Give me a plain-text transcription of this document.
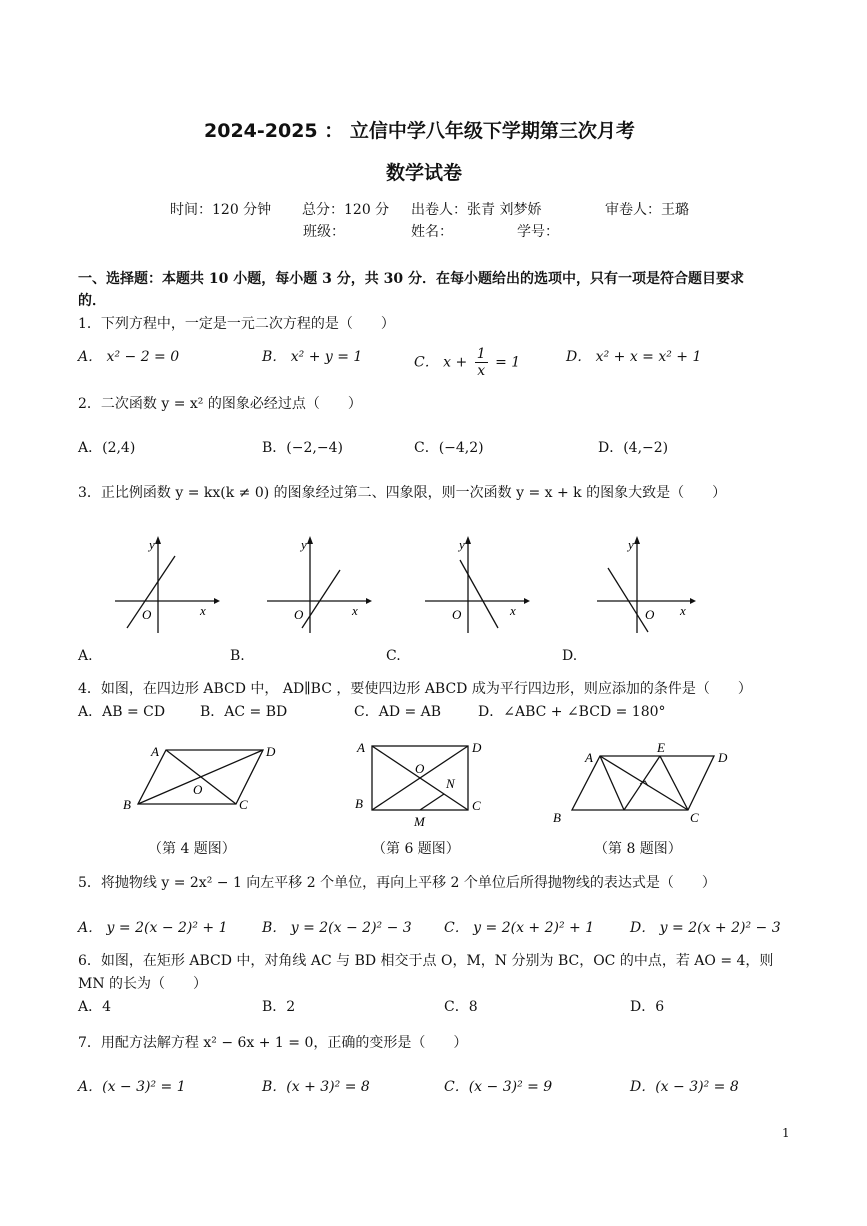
2024-2025 ： 立信中学八年级下学期第三次月考
数学试卷
时间：120 分钟 总分：120 分 出卷人：张青 刘梦娇	审卷人：王璐
班级：	姓名：	学号：
一、选择题：本题共 10 小题，每小题 3 分，共 30 分．在每小题给出的选项中，只有一项是符合题目要求
的．
1．下列方程中，一定是一元二次方程的是（　　）
A． x² − 2 = 0	B． x² + y = 1	C． $x + \frac{1}{x} = 1$	D． x² + x = x² + 1
2．二次函数 y = x² 的图象必经过点（　　）
A．(2,4)	B．(−2,−4)	C．(−4,2)	D．(4,−2)
3．正比例函数 y = kx(k ≠ 0) 的图象经过第二、四象限，则一次函数 y = x + k 的图象大致是（　　）
y
x
O
y
x
O
y
x
O
y
x
O
A.	B.	C.	D.
4．如图，在四边形 ABCD 中， AD∥BC ，要使四边形 ABCD 成为平行四边形，则应添加的条件是（　　）
A．AB = CD B．AC = BD	C．AD = AB	D．∠ABC + ∠BCD = 180°
A	D
B	C
O
A	D
O
N
B
M
C
A
E
D
B	C
（第 4 题图）	（第 6 题图）	（第 8 题图）
5．将抛物线 y = 2x² − 1 向左平移 2 个单位，再向上平移 2 个单位后所得抛物线的表达式是（　　）
A． y = 2(x − 2)² + 1 B． y = 2(x − 2)² − 3 C． y = 2(x + 2)² + 1	D． y = 2(x + 2)² − 3
6．如图，在矩形 ABCD 中，对角线 AC 与 BD 相交于点 O，M，N 分别为 BC，OC 的中点，若 AO = 4，则
MN 的长为（　　）
A．4	B．2	C．8	D．6
7．用配方法解方程 x² − 6x + 1 = 0，正确的变形是（　　）
A．(x − 3)² = 1	B．(x + 3)² = 8	C．(x − 3)² = 9	D．(x − 3)² = 8
1
